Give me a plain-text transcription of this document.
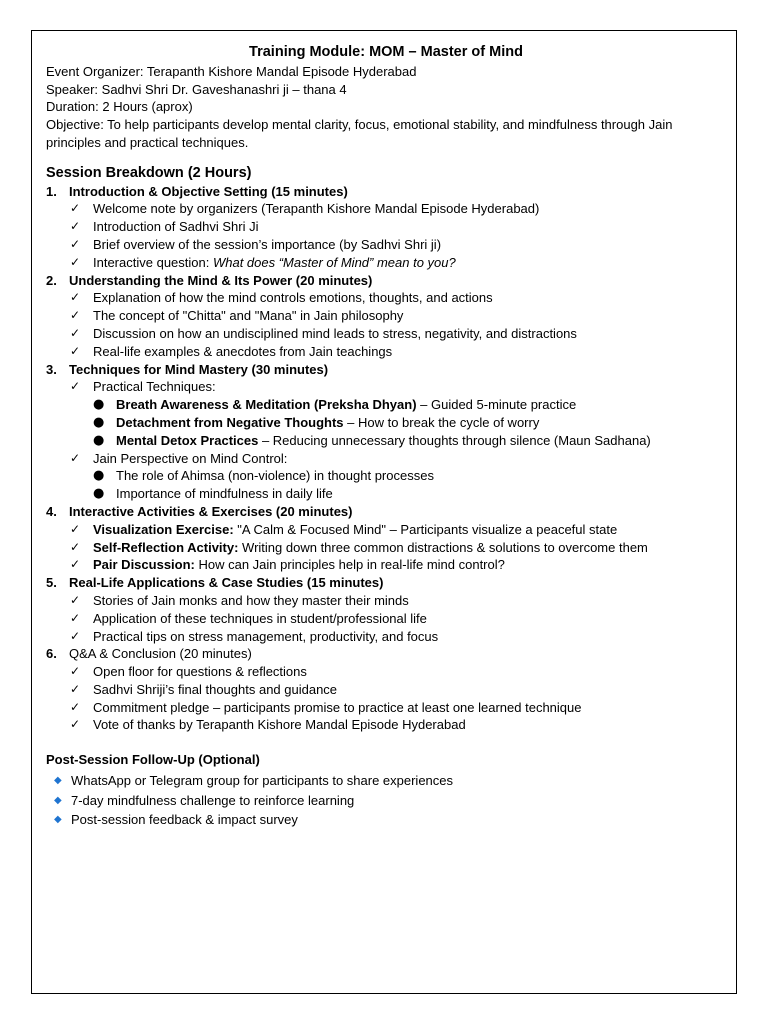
Training Module: MOM – Master of Mind
Event Organizer: Terapanth Kishore Mandal Episode Hyderabad
Speaker: Sadhvi Shri Dr. Gaveshanashri ji – thana 4
Duration: 2 Hours (aprox)
Objective: To help participants develop mental clarity, focus, emotional stability, and mindfulness through Jain principles and practical techniques.
Session Breakdown (2 Hours)
1. Introduction & Objective Setting (15 minutes)
✓ Welcome note by organizers (Terapanth Kishore Mandal Episode Hyderabad)
✓ Introduction of Sadhvi Shri Ji
✓ Brief overview of the session’s importance (by Sadhvi Shri ji)
✓ Interactive question: What does “Master of Mind” mean to you?
2. Understanding the Mind & Its Power (20 minutes)
✓ Explanation of how the mind controls emotions, thoughts, and actions
✓ The concept of "Chitta" and "Mana" in Jain philosophy
✓ Discussion on how an undisciplined mind leads to stress, negativity, and distractions
✓ Real-life examples & anecdotes from Jain teachings
3. Techniques for Mind Mastery (30 minutes)
✓ Practical Techniques:
● Breath Awareness & Meditation (Preksha Dhyan) – Guided 5-minute practice
● Detachment from Negative Thoughts – How to break the cycle of worry
● Mental Detox Practices – Reducing unnecessary thoughts through silence (Maun Sadhana)
✓ Jain Perspective on Mind Control:
● The role of Ahimsa (non-violence) in thought processes
● Importance of mindfulness in daily life
4. Interactive Activities & Exercises (20 minutes)
✓ Visualization Exercise: "A Calm & Focused Mind" – Participants visualize a peaceful state
✓ Self-Reflection Activity: Writing down three common distractions & solutions to overcome them
✓ Pair Discussion: How can Jain principles help in real-life mind control?
5. Real-Life Applications & Case Studies (15 minutes)
✓ Stories of Jain monks and how they master their minds
✓ Application of these techniques in student/professional life
✓ Practical tips on stress management, productivity, and focus
6. Q&A & Conclusion (20 minutes)
✓ Open floor for questions & reflections
✓ Sadhvi Shriji’s final thoughts and guidance
✓ Commitment pledge – participants promise to practice at least one learned technique
✓ Vote of thanks by Terapanth Kishore Mandal Episode Hyderabad
Post-Session Follow-Up (Optional)
◆ WhatsApp or Telegram group for participants to share experiences
◆ 7-day mindfulness challenge to reinforce learning
◆ Post-session feedback & impact survey
